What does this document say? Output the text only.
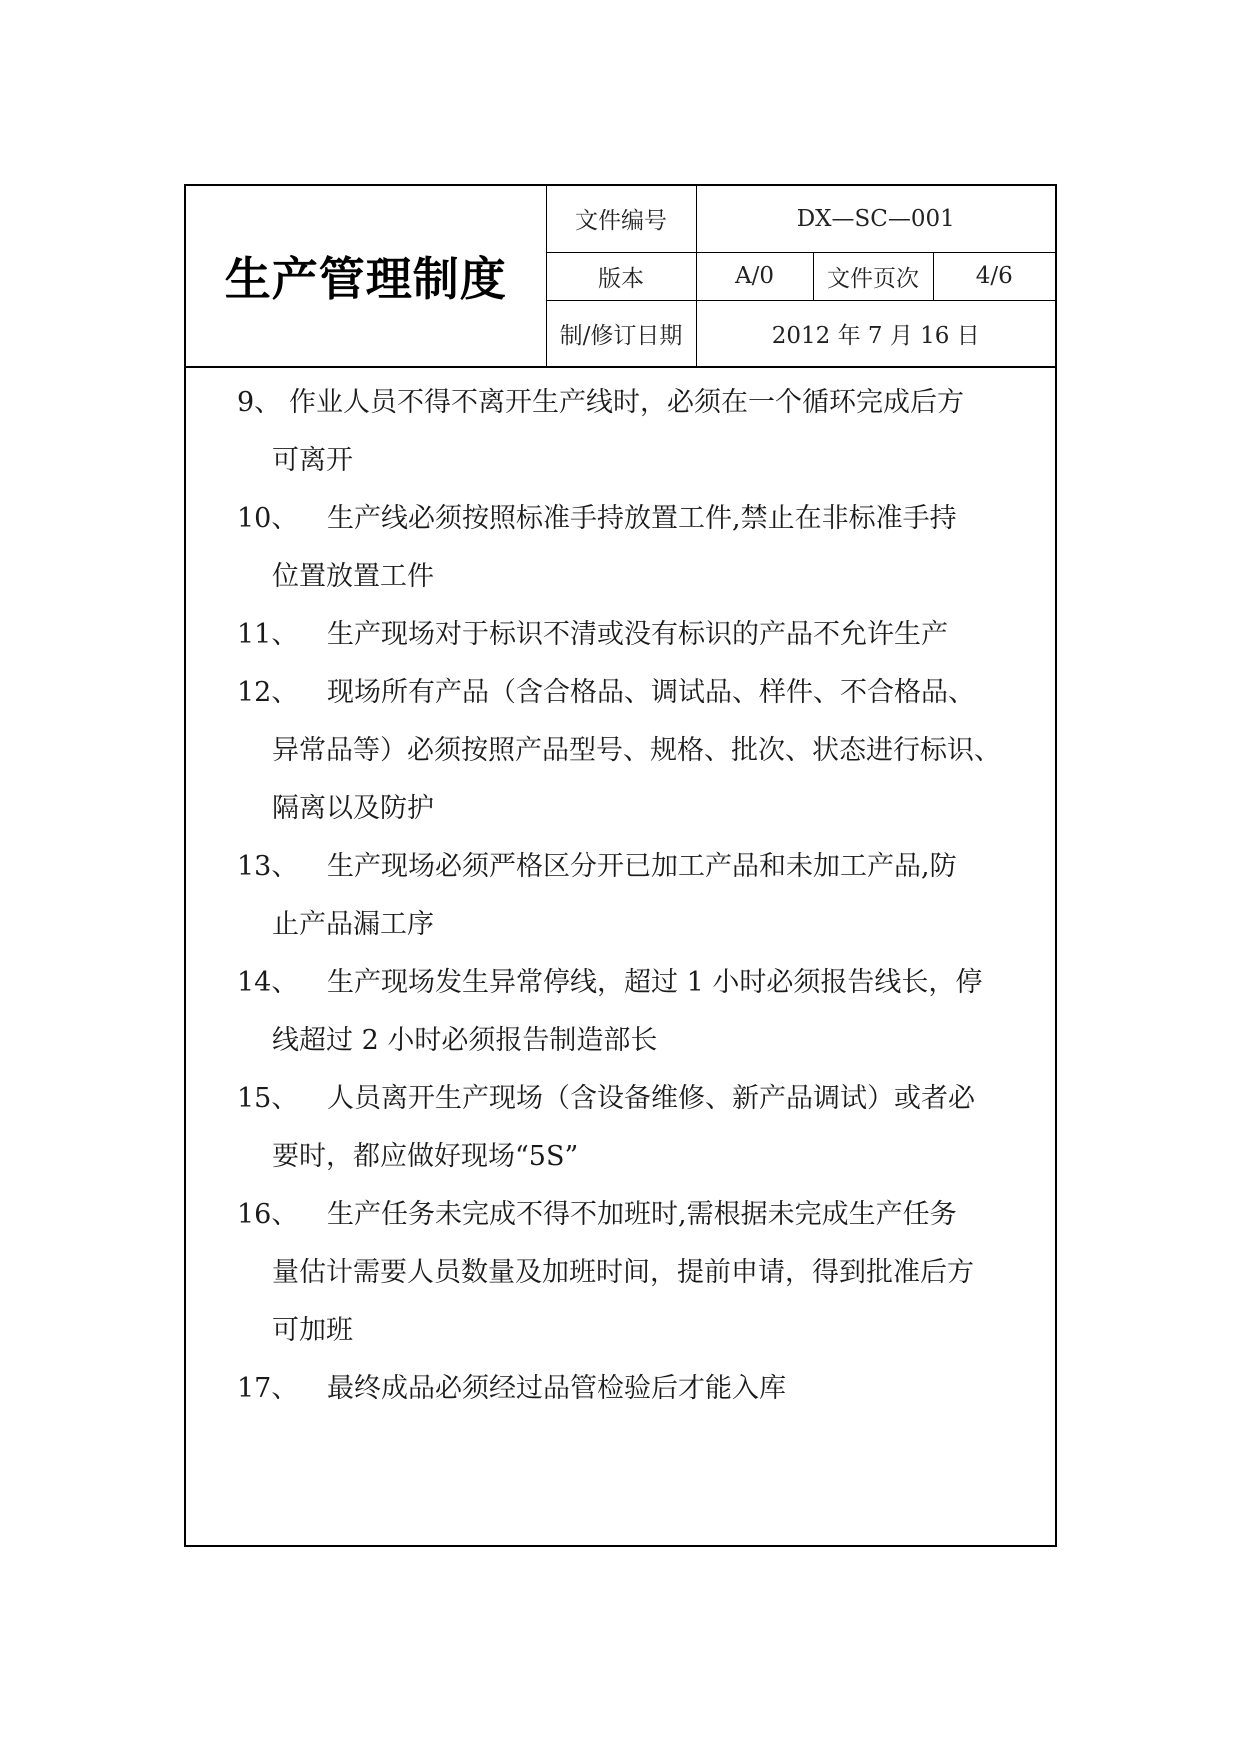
生产管理制度	文件编号	DX—SC—001		
	版本	A/0	文件页次	4/6
	制/修订日期	2012 年 7 月 16 日		
9、 作业人员不得不离开生产线时，必须在一个循环完成后方
可离开
10、 生产线必须按照标准手持放置工件,禁止在非标准手持
位置放置工件
11、 生产现场对于标识不清或没有标识的产品不允许生产
12、 现场所有产品（含合格品、调试品、样件、不合格品、
异常品等）必须按照产品型号、规格、批次、状态进行标识、
隔离以及防护
13、 生产现场必须严格区分开已加工产品和未加工产品,防
止产品漏工序
14、 生产现场发生异常停线，超过 1 小时必须报告线长，停
线超过 2 小时必须报告制造部长
15、 人员离开生产现场（含设备维修、新产品调试）或者必
要时，都应做好现场“5S”
16、 生产任务未完成不得不加班时,需根据未完成生产任务
量估计需要人员数量及加班时间，提前申请，得到批准后方
可加班
17、 最终成品必须经过品管检验后才能入库
